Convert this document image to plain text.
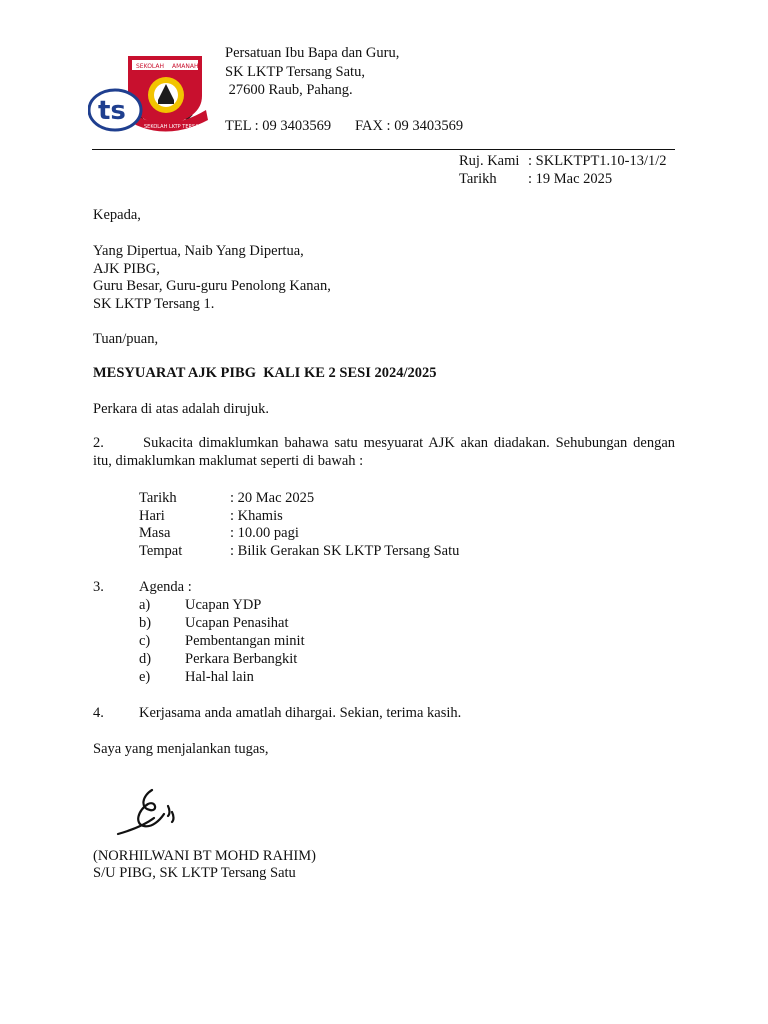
SEKOLAH AMANAH
SEKOLAH LKTP TERSANG
ts
Persatuan Ibu Bapa dan Guru,
SK LKTP Tersang Satu,
27600 Raub, Pahang.
TEL : 09 3403569 FAX : 09 3403569
Ruj. Kami : SKLKTPT1.10-13/1/2
Tarikh : 19 Mac 2025
Kepada,
Yang Dipertua, Naib Yang Dipertua,
AJK PIBG,
Guru Besar, Guru-guru Penolong Kanan,
SK LKTP Tersang 1.
Tuan/puan,
MESYUARAT AJK PIBG  KALI KE 2 SESI 2024/2025
Perkara di atas adalah dirujuk.
2.	Sukacita dimaklumkan bahawa satu mesyuarat AJK akan diadakan. Sehubungan dengan itu, dimaklumkan maklumat seperti di bawah :
Tarikh	: 20 Mac 2025
Hari	: Khamis
Masa	: 10.00 pagi
Tempat	: Bilik Gerakan SK LKTP Tersang Satu
3. Agenda :
a) Ucapan YDP
b) Ucapan Penasihat
c) Pembentangan minit
d) Perkara Berbangkit
e) Hal-hal lain
4. Kerjasama anda amatlah dihargai. Sekian, terima kasih.
Saya yang menjalankan tugas,
(NORHILWANI BT MOHD RAHIM)
S/U PIBG, SK LKTP Tersang Satu
